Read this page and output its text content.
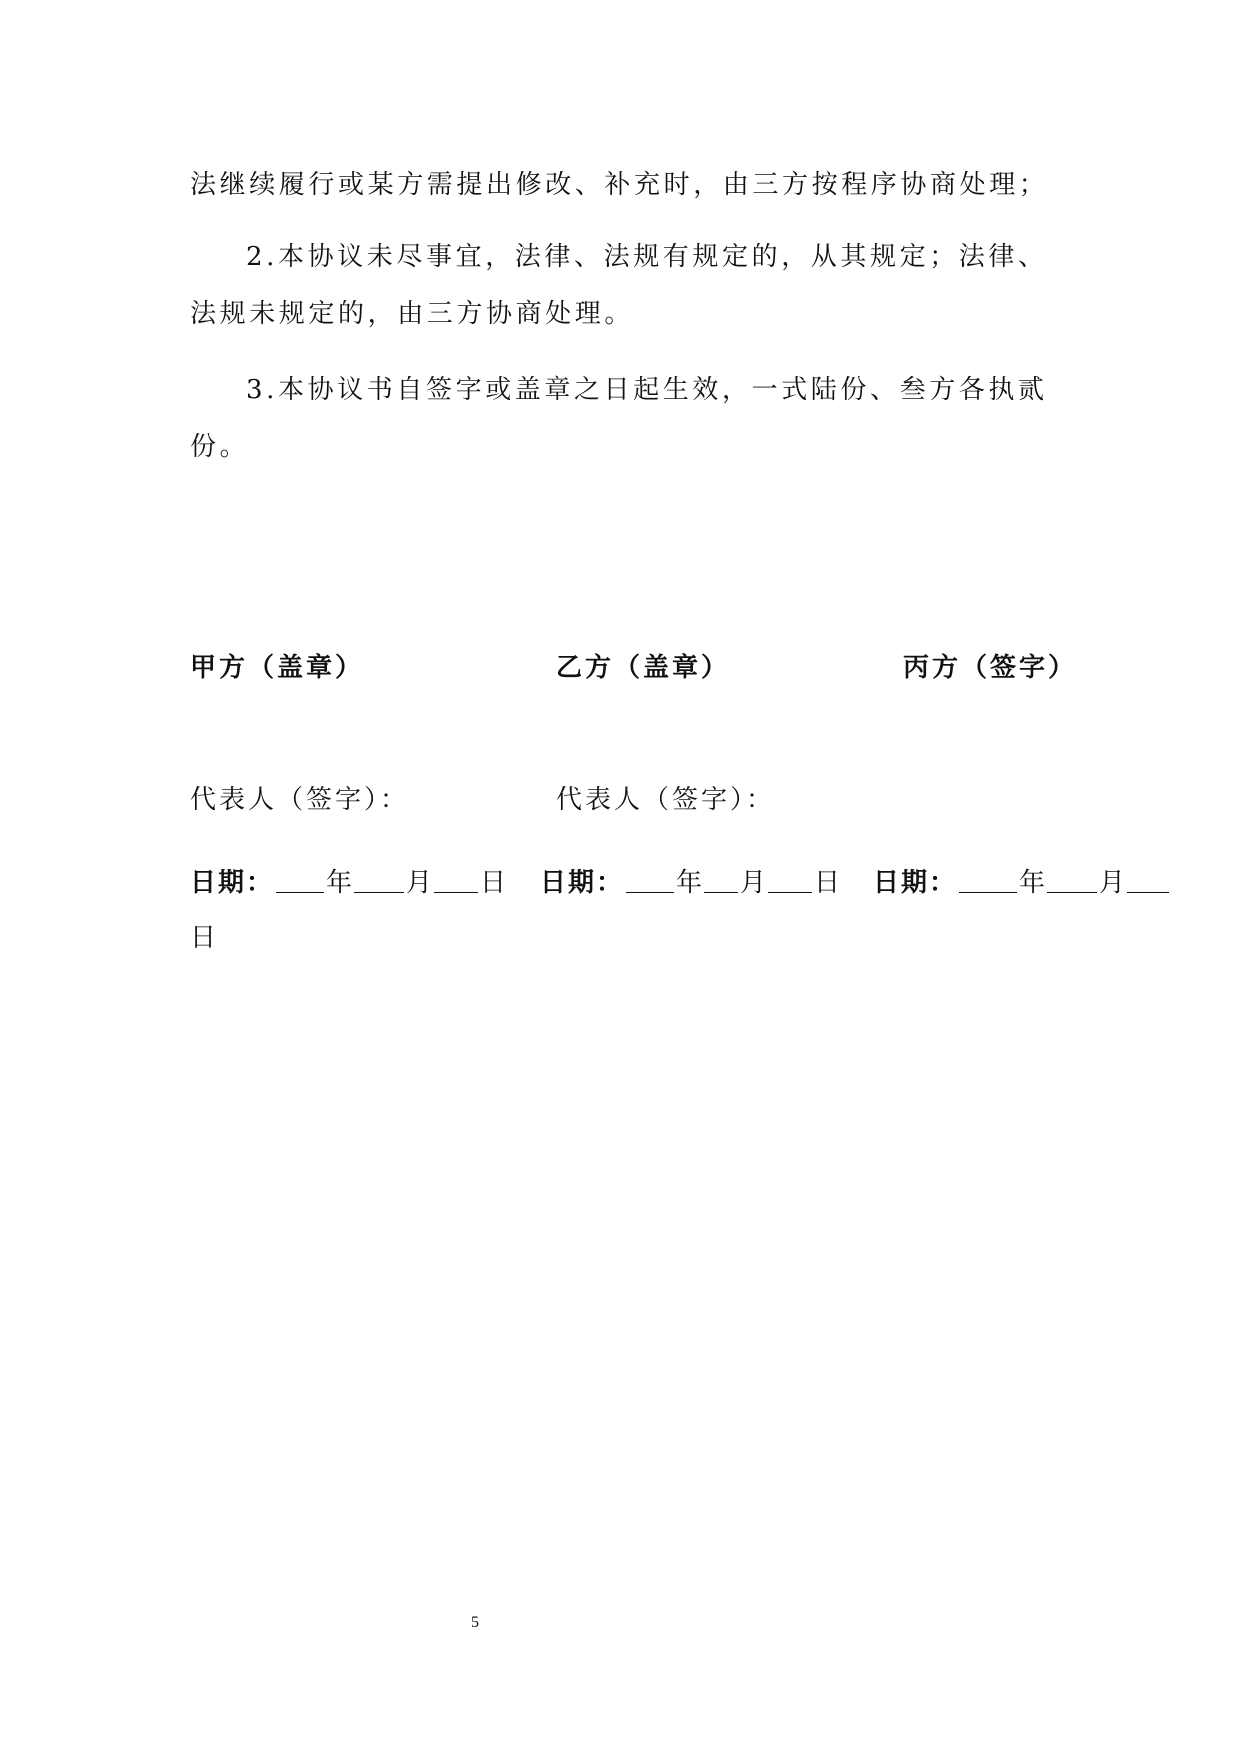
法继续履行或某方需提出修改、补充时，由三方按程序协商处理；
2.本协议未尽事宜，法律、法规有规定的，从其规定；法律、
法规未规定的，由三方协商处理。
3.本协议书自签字或盖章之日起生效，一式陆份、叁方各执贰
份。
甲方（盖章）	乙方（盖章）	丙方（签字）
代表人（签字）：	代表人（签字）：
日期： 年 月 日 日期： 年 月 日 日期： 年 月
日
5
